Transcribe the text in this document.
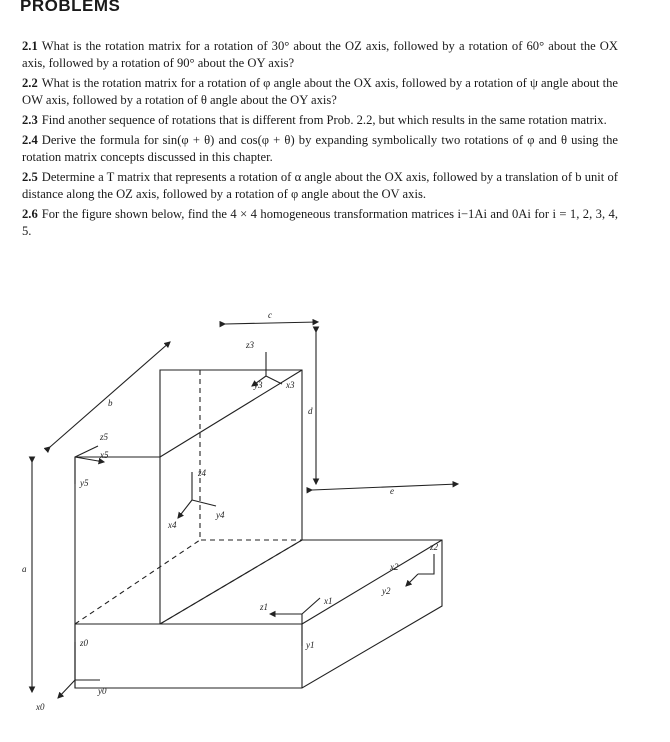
PROBLEMS

2.1 What is the rotation matrix for a rotation of 30° about the OZ axis, followed by a rotation of 60° about the OX axis, followed by a rotation of 90° about the OY axis?

2.2 What is the rotation matrix for a rotation of φ angle about the OX axis, followed by a rotation of ψ angle about the OW axis, followed by a rotation of θ angle about the OY axis?

2.3 Find another sequence of rotations that is different from Prob. 2.2, but which results in the same rotation matrix.

2.4 Derive the formula for sin(φ + θ) and cos(φ + θ) by expanding symbolically two rotations of φ and θ using the rotation matrix concepts discussed in this chapter.

2.5 Determine a T matrix that represents a rotation of α angle about the OX axis, followed by a translation of b unit of distance along the OZ axis, followed by a rotation of φ angle about the OV axis.

2.6 For the figure shown below, find the 4 × 4 homogeneous transformation matrices i−1Ai and 0Ai for i = 1, 2, 3, 4, 5.

a
b
c
d
e
z0
y0
x0
z1
y1
x1
z2
y2
x2
z3
y3	x3
z4
y4
x4
z5
x5
y5
